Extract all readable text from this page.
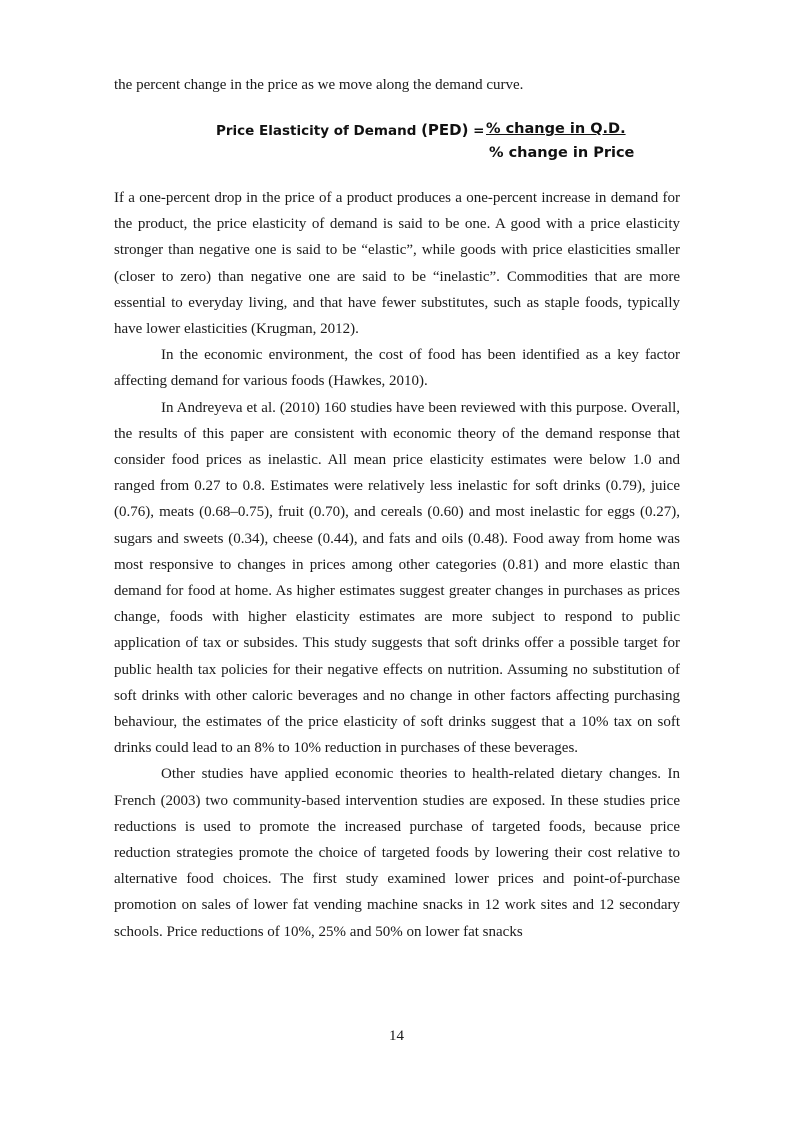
the percent change in the price as we move along the demand curve.

Price Elasticity of Demand (PED) = % change in Q.D.
% change in Price

If a one-percent drop in the price of a product produces a one-percent increase in demand for the product, the price elasticity of demand is said to be one. A good with a price elasticity stronger than negative one is said to be “elastic”, while goods with price elasticities smaller (closer to zero) than negative one are said to be “inelastic”. Commodities that are more essential to everyday living, and that have fewer substitutes, such as staple foods, typically have lower elasticities (Krugman, 2012).

In the economic environment, the cost of food has been identified as a key factor affecting demand for various foods (Hawkes, 2010).

In Andreyeva et al. (2010) 160 studies have been reviewed with this purpose. Overall, the results of this paper are consistent with economic theory of the demand response that consider food prices as inelastic. All mean price elasticity estimates were below 1.0 and ranged from 0.27 to 0.8. Estimates were relatively less inelastic for soft drinks (0.79), juice (0.76), meats (0.68–0.75), fruit (0.70), and cereals (0.60) and most inelastic for eggs (0.27), sugars and sweets (0.34), cheese (0.44), and fats and oils (0.48). Food away from home was most responsive to changes in prices among other categories (0.81) and more elastic than demand for food at home. As higher estimates suggest greater changes in purchases as prices change, foods with higher elasticity estimates are more subject to respond to public application of tax or subsides. This study suggests that soft drinks offer a possible target for public health tax policies for their negative effects on nutrition. Assuming no substitution of soft drinks with other caloric beverages and no change in other factors affecting purchasing behaviour, the estimates of the price elasticity of soft drinks suggest that a 10% tax on soft drinks could lead to an 8% to 10% reduction in purchases of these beverages.

Other studies have applied economic theories to health-related dietary changes. In French (2003) two community-based intervention studies are exposed. In these studies price reductions is used to promote the increased purchase of targeted foods, because price reduction strategies promote the choice of targeted foods by lowering their cost relative to alternative food choices. The first study examined lower prices and point-of-purchase promotion on sales of lower fat vending machine snacks in 12 work sites and 12 secondary schools. Price reductions of 10%, 25% and 50% on lower fat snacks

14
